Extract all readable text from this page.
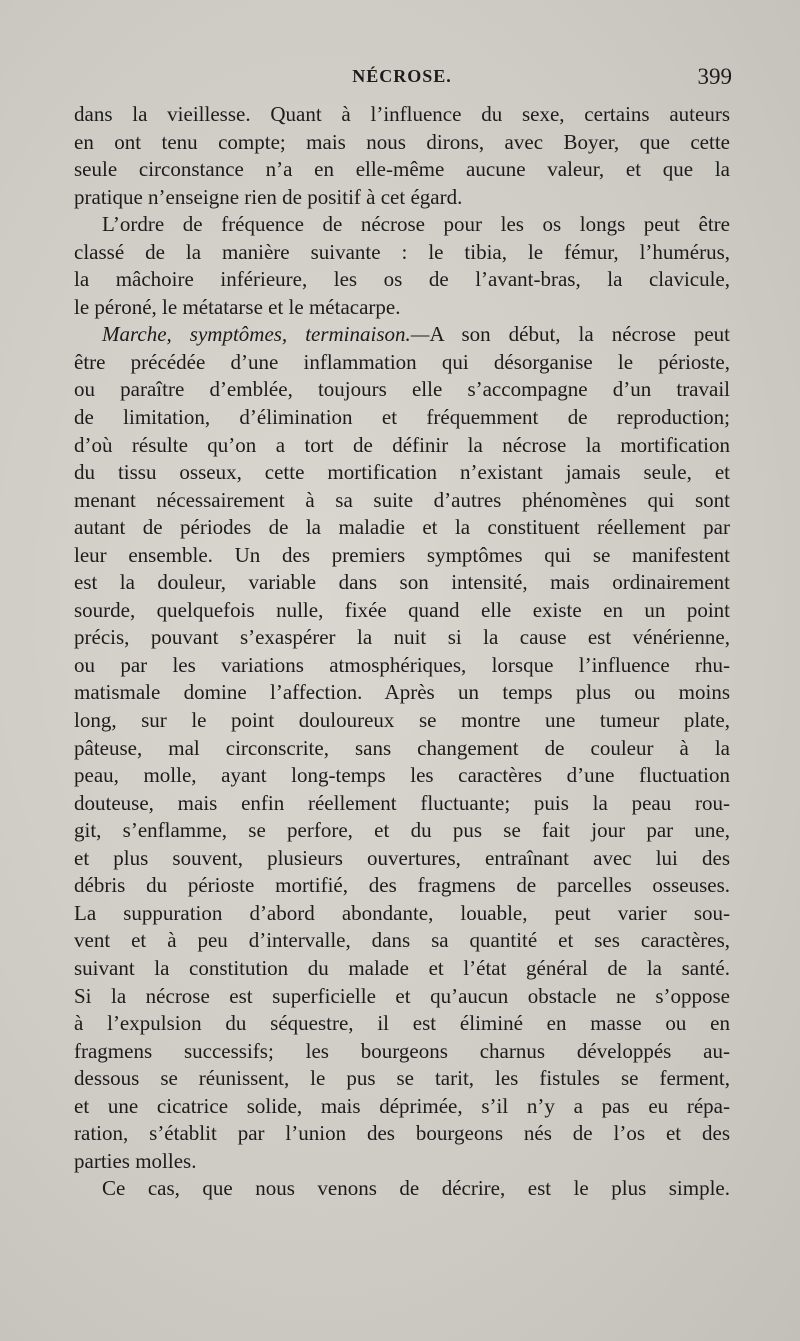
NÉCROSE.	399
dans la vieillesse. Quant à l’influence du sexe, certains auteurs
en ont tenu compte; mais nous dirons, avec Boyer, que cette
seule circonstance n’a en elle-même aucune valeur, et que la
pratique n’enseigne rien de positif à cet égard.
L’ordre de fréquence de nécrose pour les os longs peut être
classé de la manière suivante : le tibia, le fémur, l’humérus,
la mâchoire inférieure, les os de l’avant-bras, la clavicule,
le péroné, le métatarse et le métacarpe.
Marche, symptômes, terminaison.—A son début, la nécrose peut
être précédée d’une inflammation qui désorganise le périoste,
ou paraître d’emblée, toujours elle s’accompagne d’un travail
de limitation, d’élimination et fréquemment de reproduction;
d’où résulte qu’on a tort de définir la nécrose la mortification
du tissu osseux, cette mortification n’existant jamais seule, et
menant nécessairement à sa suite d’autres phénomènes qui sont
autant de périodes de la maladie et la constituent réellement par
leur ensemble. Un des premiers symptômes qui se manifestent
est la douleur, variable dans son intensité, mais ordinairement
sourde, quelquefois nulle, fixée quand elle existe en un point
précis, pouvant s’exaspérer la nuit si la cause est vénérienne,
ou par les variations atmosphériques, lorsque l’influence rhu-
matismale domine l’affection. Après un temps plus ou moins
long, sur le point douloureux se montre une tumeur plate,
pâteuse, mal circonscrite, sans changement de couleur à la
peau, molle, ayant long-temps les caractères d’une fluctuation
douteuse, mais enfin réellement fluctuante; puis la peau rou-
git, s’enflamme, se perfore, et du pus se fait jour par une,
et plus souvent, plusieurs ouvertures, entraînant avec lui des
débris du périoste mortifié, des fragmens de parcelles osseuses.
La suppuration d’abord abondante, louable, peut varier sou-
vent et à peu d’intervalle, dans sa quantité et ses caractères,
suivant la constitution du malade et l’état général de la santé.
Si la nécrose est superficielle et qu’aucun obstacle ne s’oppose
à l’expulsion du séquestre, il est éliminé en masse ou en
fragmens successifs; les bourgeons charnus développés au-
dessous se réunissent, le pus se tarit, les fistules se ferment,
et une cicatrice solide, mais déprimée, s’il n’y a pas eu répa-
ration, s’établit par l’union des bourgeons nés de l’os et des
parties molles.
Ce cas, que nous venons de décrire, est le plus simple.
